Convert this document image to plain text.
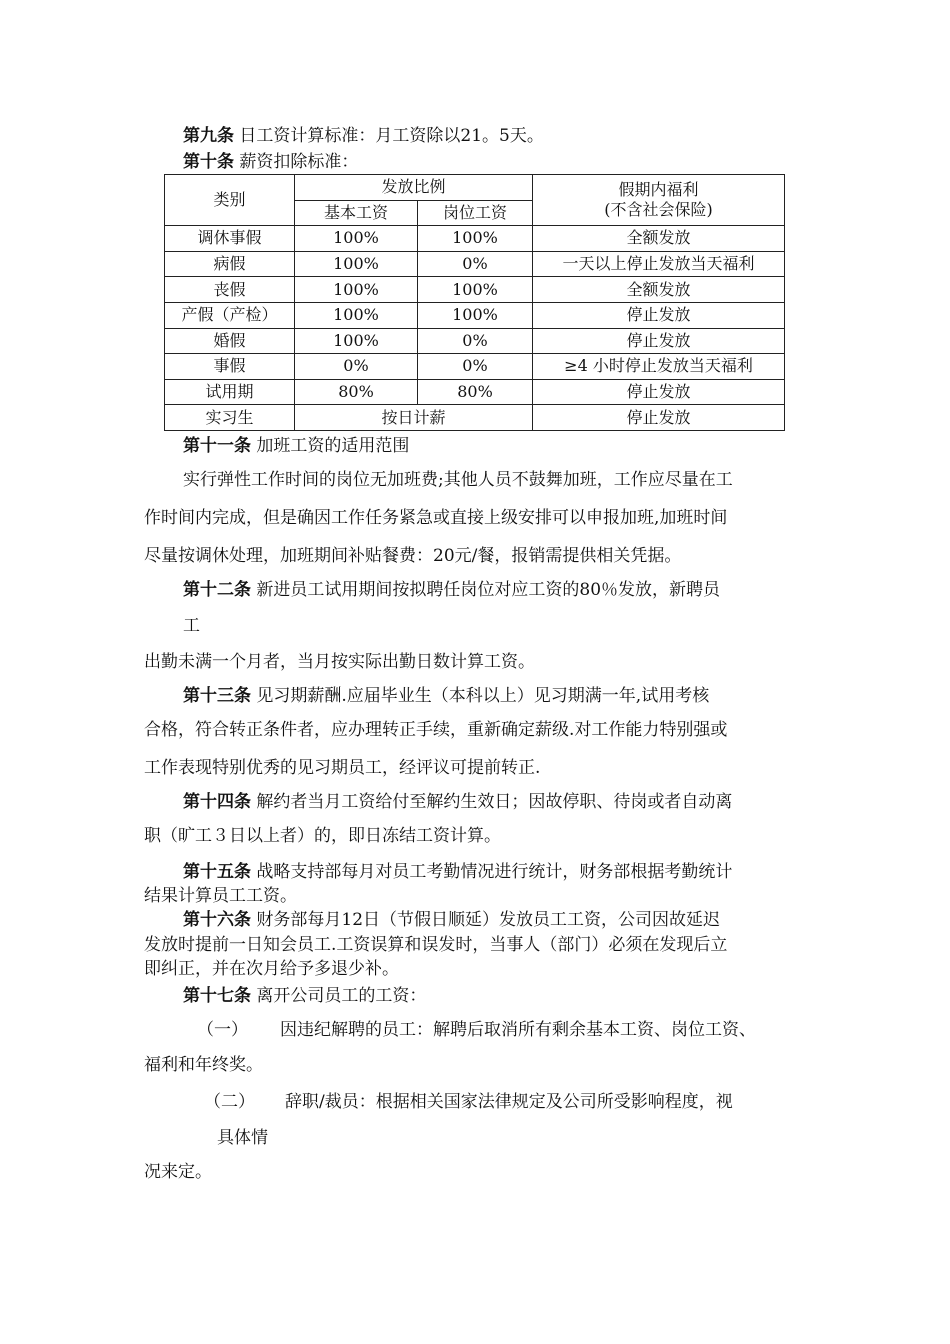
第九条 日工资计算标准：月工资除以21。5天。
第十条 薪资扣除标准：
类别	发放比例		假期内福利
(不含社会保险)

	基本工资	岗位工资	
调休事假	100%	100%	全额发放
病假	100%	0%	一天以上停止发放当天福利
丧假	100%	100%	全额发放
产假（产检）	100%	100%	停止发放
婚假	100%	0%	停止发放
事假	0%	0%	≥4 小时停止发放当天福利
试用期	80%	80%	停止发放
实习生	按日计薪		停止发放
第十一条 加班工资的适用范围
实行弹性工作时间的岗位无加班费;其他人员不鼓舞加班，工作应尽量在工
作时间内完成，但是确因工作任务紧急或直接上级安排可以申报加班,加班时间
尽量按调休处理，加班期间补贴餐费：20元/餐，报销需提供相关凭据。
第十二条 新进员工试用期间按拟聘任岗位对应工资的80％发放，新聘员
工
出勤未满一个月者，当月按实际出勤日数计算工资。
第十三条 见习期薪酬.应届毕业生（本科以上）见习期满一年,试用考核
合格，符合转正条件者，应办理转正手续，重新确定薪级.对工作能力特别强或
工作表现特别优秀的见习期员工，经评议可提前转正.
第十四条 解约者当月工资给付至解约生效日；因故停职、待岗或者自动离
职（旷工３日以上者）的，即日冻结工资计算。
第十五条 战略支持部每月对员工考勤情况进行统计，财务部根据考勤统计
结果计算员工工资。
第十六条 财务部每月12日（节假日顺延）发放员工工资，公司因故延迟
发放时提前一日知会员工.工资误算和误发时，当事人（部门）必须在发现后立
即纠正，并在次月给予多退少补。
第十七条 离开公司员工的工资：
（一） 因违纪解聘的员工：解聘后取消所有剩余基本工资、岗位工资、
福利和年终奖。
（二） 辞职/裁员：根据相关国家法律规定及公司所受影响程度，视
具体情
况来定。
